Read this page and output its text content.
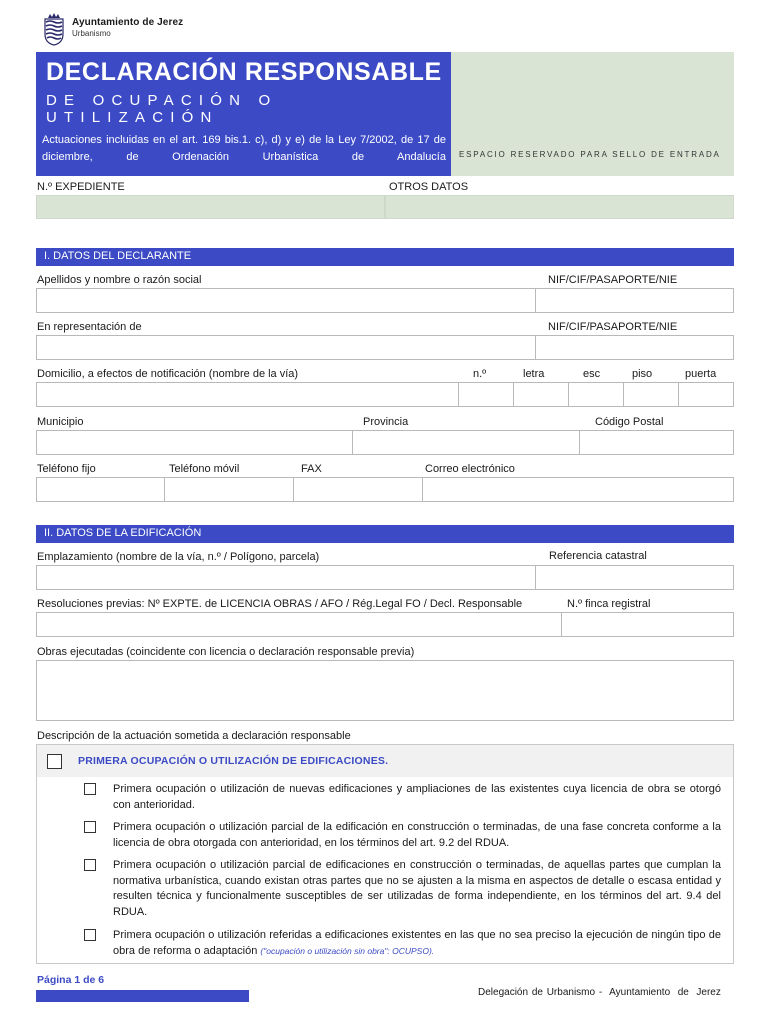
Ayuntamiento de Jerez
Urbanismo
DECLARACIÓN RESPONSABLE
DE OCUPACIÓN O UTILIZACIÓN
Actuaciones incluidas en el art. 169 bis.1. c), d) y e) de la Ley 7/2002, de 17 de diciembre, de Ordenación Urbanística de Andalucía ESPACIO RESERVADO PARA SELLO DE ENTRADA
N.º EXPEDIENTE	OTROS DATOS
I. DATOS DEL DECLARANTE
Apellidos y nombre o razón social	NIF/CIF/PASAPORTE/NIE
En representación de	NIF/CIF/PASAPORTE/NIE
Domicilio, a efectos de notificación (nombre de la vía)	n.º	letra	esc	piso	puerta
Municipio	Provincia	Código Postal
Teléfono fijo	Teléfono móvil	FAX	Correo electrónico
II. DATOS DE LA EDIFICACIÓN
Emplazamiento (nombre de la vía, n.º / Polígono, parcela)	Referencia catastral
Resoluciones previas: Nº EXPTE. de LICENCIA OBRAS / AFO / Rég.Legal FO / Decl. Responsable	N.º finca registral
Obras ejecutadas (coincidente con licencia o declaración responsable previa)
Descripción de la actuación sometida a declaración responsable
PRIMERA OCUPACIÓN O UTILIZACIÓN DE EDIFICACIONES.
Primera ocupación o utilización de nuevas edificaciones y ampliaciones de las existentes cuya licencia de obra se otorgó con anterioridad.
Primera ocupación o utilización parcial de la edificación en construcción o terminadas, de una fase concreta conforme a la licencia de obra otorgada con anterioridad, en los términos del art. 9.2 del RDUA.
Primera ocupación o utilización parcial de edificaciones en construcción o terminadas, de aquellas partes que cumplan la normativa urbanística, cuando existan otras partes que no se ajusten a la misma en aspectos de detalle o escasa entidad y resulten técnica y funcionalmente susceptibles de ser utilizadas de forma independiente, en los términos del art. 9.4 del RDUA.
Primera ocupación o utilización referidas a edificaciones existentes en las que no sea preciso la ejecución de ningún tipo de obra de reforma o adaptación ("ocupación o utilización sin obra": OCUPSO).
Página 1 de 6
Delegación de Urbanismo -  Ayuntamiento  de  Jerez
